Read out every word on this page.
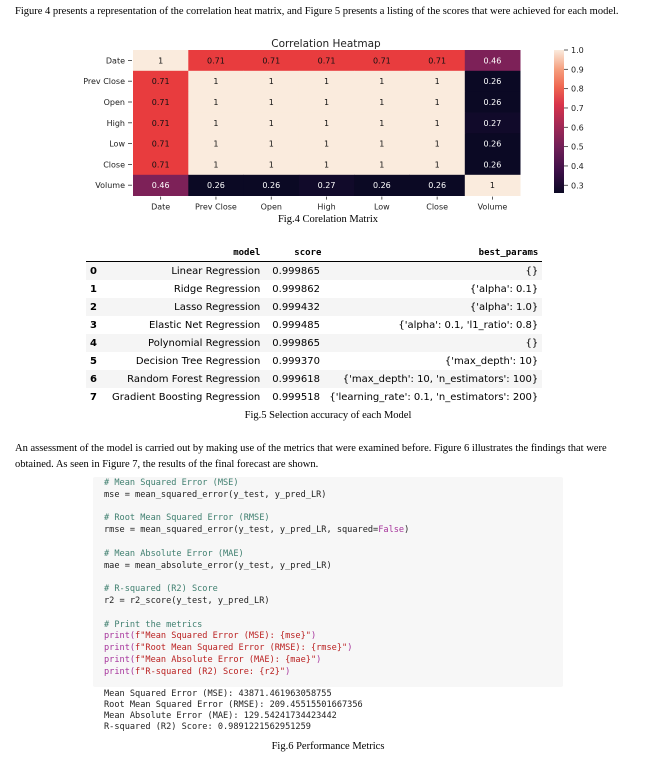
Figure 4 presents a representation of the correlation heat matrix, and Figure 5 presents a listing of the scores that were achieved for each model.
Correlation Heatmap
1	0.71	0.71	0.71	0.71	0.71	0.46
0.71	1	1	1	1	1	0.26
0.71	1	1	1	1	1	0.26
0.71	1	1	1	1	1	0.27
0.71	1	1	1	1	1	0.26
0.71	1	1	1	1	1	0.26
0.46	0.26	0.26	0.27	0.26	0.26	1
Date
Date
Prev Close
Prev Close
Open
Open
High
High
Low
Low
Close
Close
Volume
Volume
1.0
0.9
0.8
0.7
0.6
0.5
0.4
0.3
Fig.4 Corelation Matrix
	model	score	best_params
0	Linear Regression	0.999865	{}
1	Ridge Regression	0.999862	{'alpha': 0.1}
2	Lasso Regression	0.999432	{'alpha': 1.0}
3	Elastic Net Regression	0.999485	{'alpha': 0.1, 'l1_ratio': 0.8}
4	Polynomial Regression	0.999865	{}
5	Decision Tree Regression	0.999370	{'max_depth': 10}
6	Random Forest Regression	0.999618	{'max_depth': 10, 'n_estimators': 100}
7	Gradient Boosting Regression	0.999518	{'learning_rate': 0.1, 'n_estimators': 200}
Fig.5 Selection accuracy of each Model
An assessment of the model is carried out by making use of the metrics that were examined before. Figure 6 illustrates the findings that were obtained. As seen in Figure 7, the results of the final forecast are shown.
# Mean Squared Error (MSE)
mse = mean_squared_error(y_test, y_pred_LR)

# Root Mean Squared Error (RMSE)
rmse = mean_squared_error(y_test, y_pred_LR, squared=False)

# Mean Absolute Error (MAE)
mae = mean_absolute_error(y_test, y_pred_LR)

# R-squared (R2) Score
r2 = r2_score(y_test, y_pred_LR)

# Print the metrics
print(f"Mean Squared Error (MSE): {mse}")
print(f"Root Mean Squared Error (RMSE): {rmse}")
print(f"Mean Absolute Error (MAE): {mae}")
print(f"R-squared (R2) Score: {r2}")
Mean Squared Error (MSE): 43871.461963058755
Root Mean Squared Error (RMSE): 209.45515501667356
Mean Absolute Error (MAE): 129.54241734423442
R-squared (R2) Score: 0.9891221562951259
Fig.6 Performance Metrics
